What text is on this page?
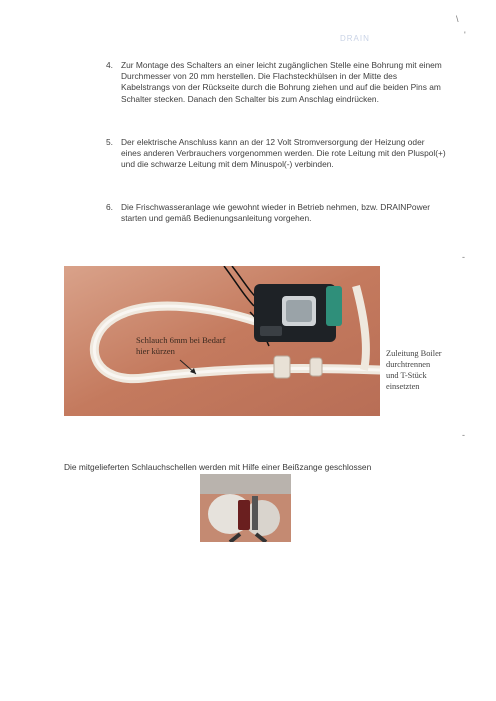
DRAIN
\
'
4. Zur Montage des Schalters an einer leicht zugänglichen Stelle eine Bohrung mit einem Durchmesser von 20 mm herstellen. Die Flachsteckhülsen in der Mitte des Kabelstrangs von der Rückseite durch die Bohrung ziehen und auf die beiden Pins am Schalter stecken. Danach den Schalter bis zum Anschlag eindrücken.
5. Der elektrische Anschluss kann an der 12 Volt Stromversorgung der Heizung oder eines anderen Verbrauchers vorgenommen werden. Die rote Leitung mit den Pluspol(+) und die schwarze Leitung mit dem Minuspol(-) verbinden.
6. Die Frischwasseranlage wie gewohnt wieder in Betrieb nehmen, bzw. DRAINPower starten und gemäß Bedienungsanleitung vorgehen.
Schlauch 6mm bei Bedarf
hier kürzen	Zuleitung Boiler
durchtrennen
und T-Stück
einsetzten
Die mitgelieferten Schlauchschellen werden mit Hilfe einer Beißzange geschlossen
-
-
